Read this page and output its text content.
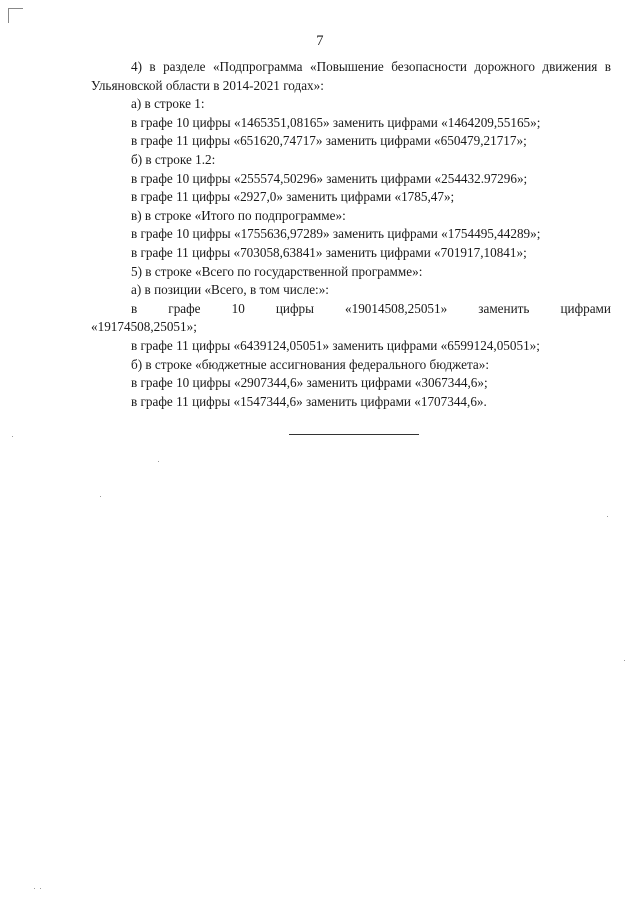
7

4) в разделе «Подпрограмма «Повышение безопасности дорожного движения в Ульяновской области в 2014-2021 годах»:

а) в строке 1:

в графе 10 цифры «1465351,08165» заменить цифрами «1464209,55165»;

в графе 11 цифры «651620,74717» заменить цифрами «650479,21717»;

б) в строке 1.2:

в графе 10 цифры «255574,50296» заменить цифрами «254432.97296»;

в графе 11 цифры «2927,0» заменить цифрами «1785,47»;

в) в строке «Итого по подпрограмме»:

в графе 10 цифры «1755636,97289» заменить цифрами «1754495,44289»;

в графе 11 цифры «703058,63841» заменить цифрами «701917,10841»;

5) в строке «Всего по государственной программе»:

а) в позиции «Всего, в том числе:»:

в графе 10 цифры «19014508,25051» заменить цифрами

«19174508,25051»;

в графе 11 цифры «6439124,05051» заменить цифрами «6599124,05051»;

б) в строке «бюджетные ассигнования федерального бюджета»:

в графе 10 цифры «2907344,6» заменить цифрами «3067344,6»;

в графе 11 цифры «1547344,6» заменить цифрами «1707344,6».
